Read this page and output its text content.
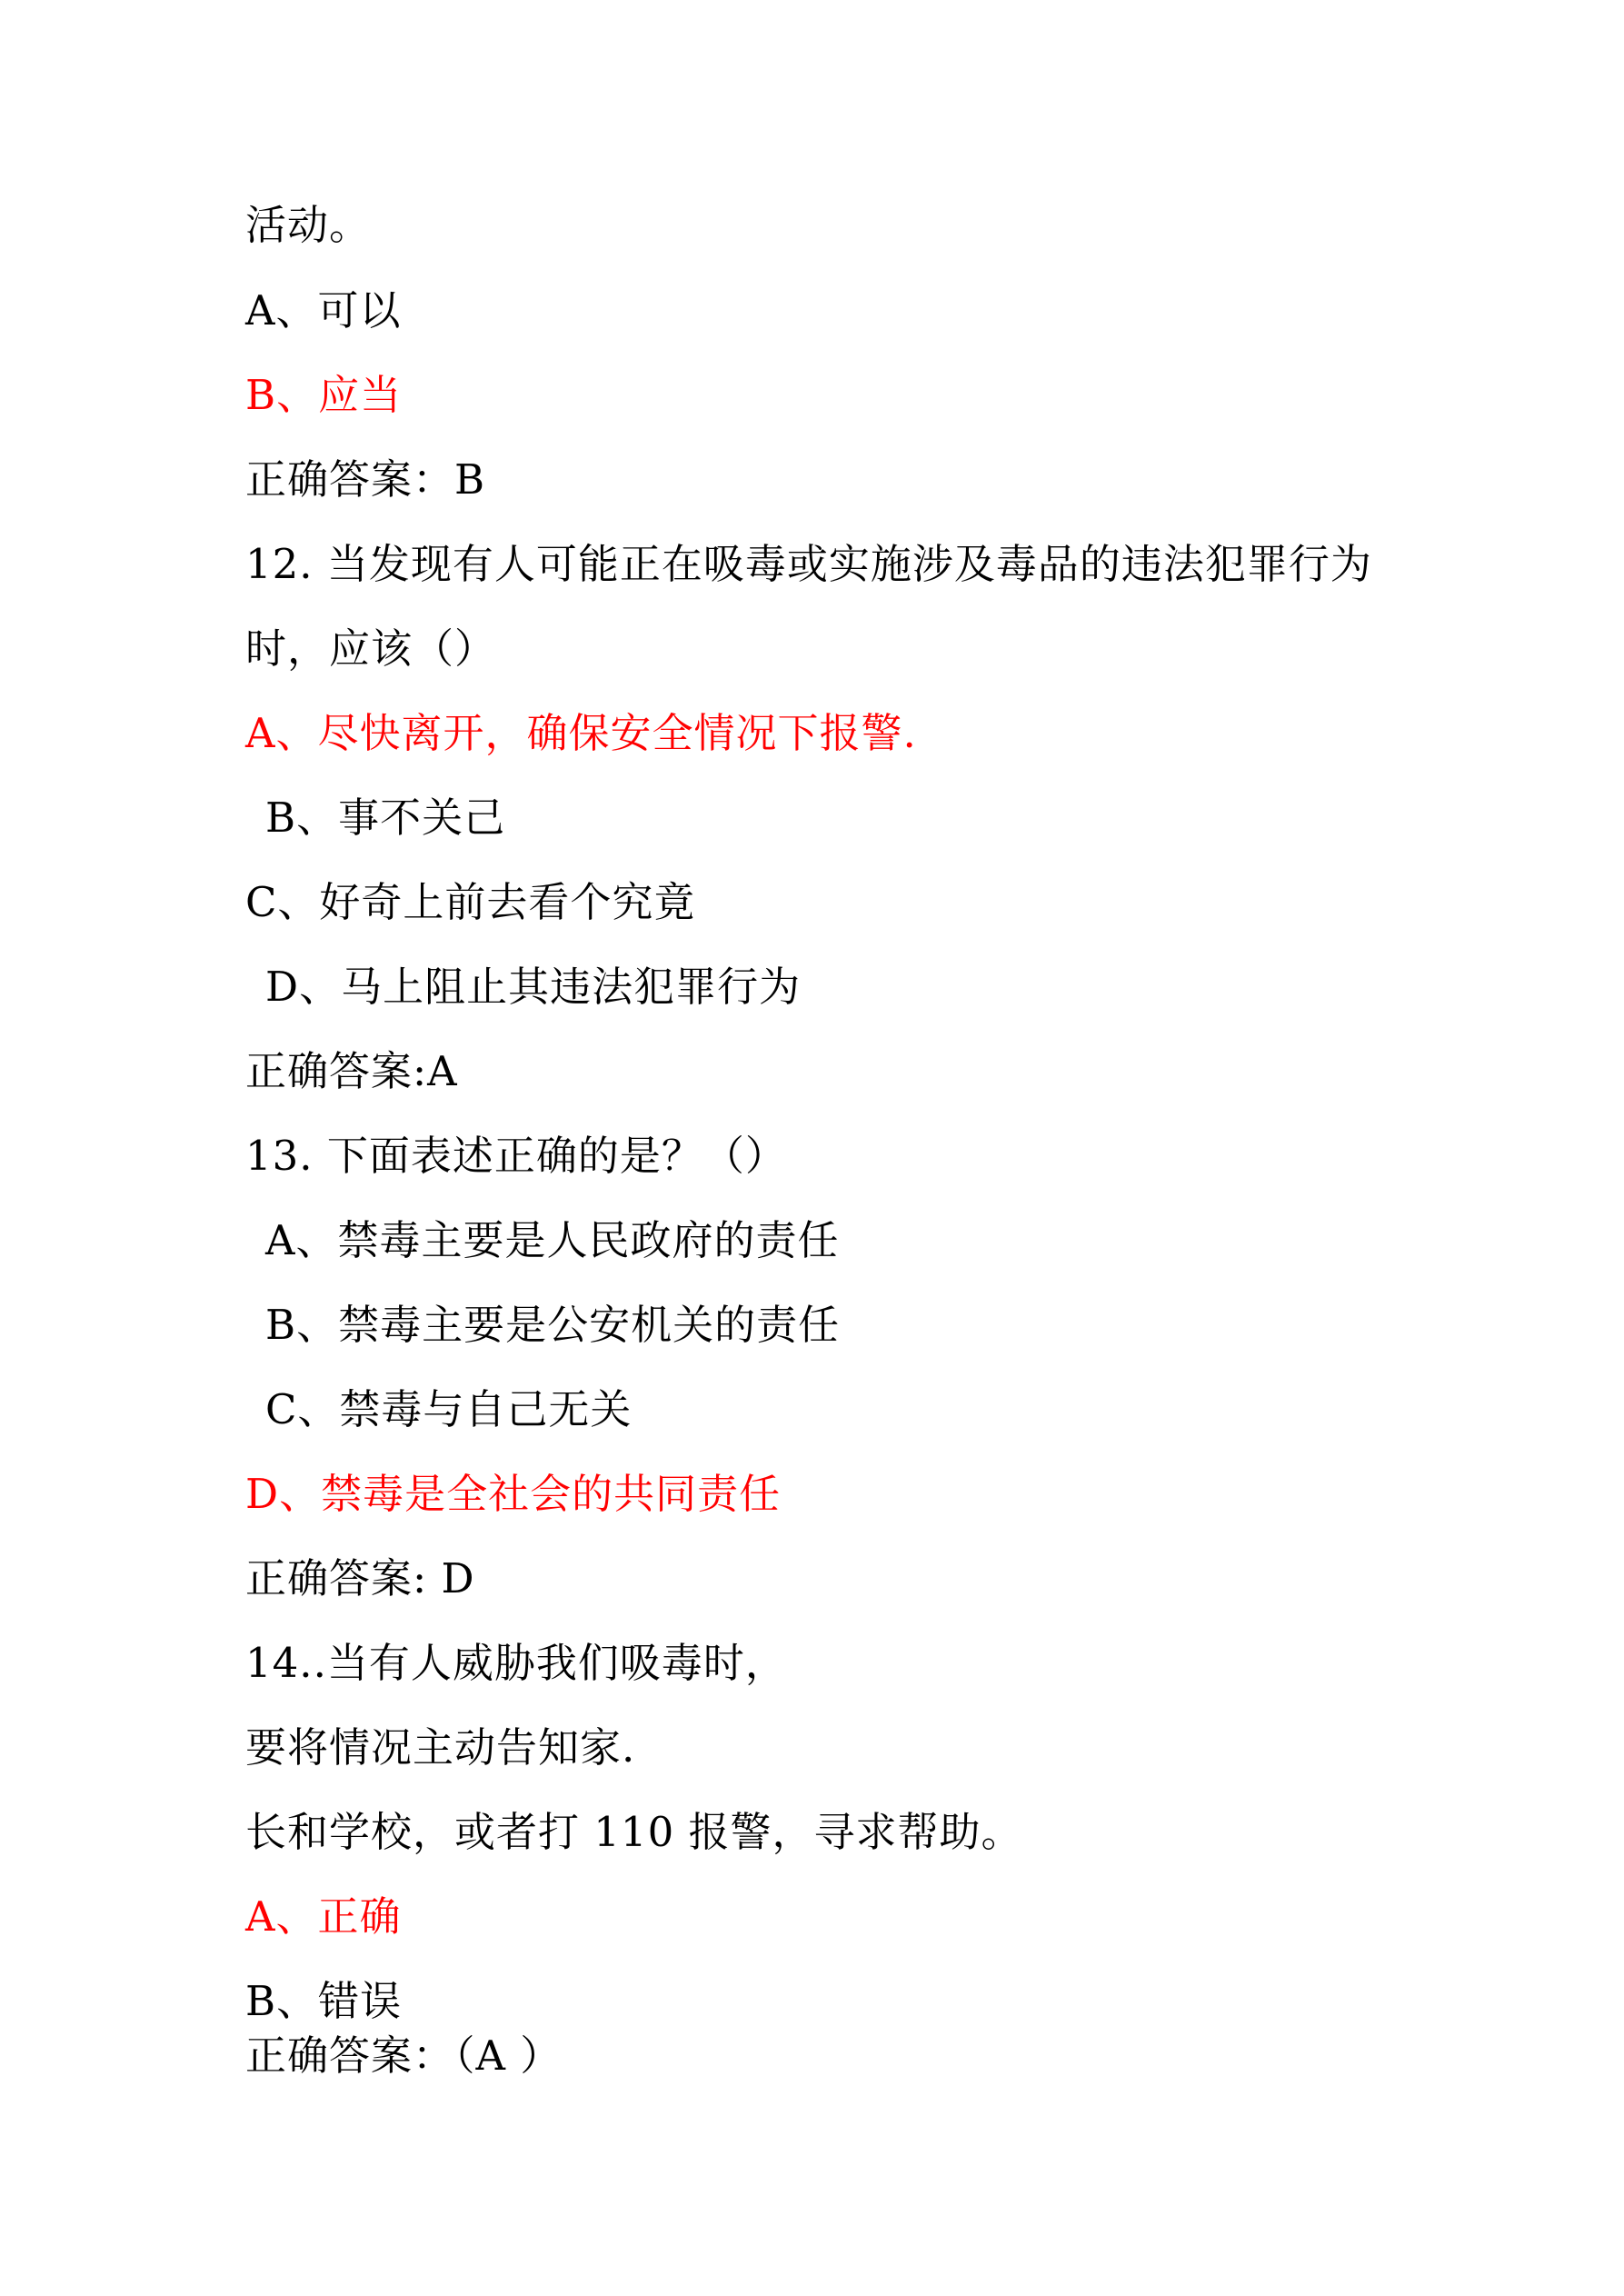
活动。
A、可以
B、应当
正确答案：B
12. 当发现有人可能正在吸毒或实施涉及毒品的违法犯罪行为
时，应该（）
A、尽快离开，确保安全情况下报警.
B、事不关己
C、好奇上前去看个究竟
D、马上阻止其违法犯罪行为
正确答案:A
13. 下面表述正确的是？（）
A、禁毒主要是人民政府的责任
B、禁毒主要是公安机关的责任
C、禁毒与自己无关
D、禁毒是全社会的共同责任
正确答案: D
14..当有人威胁我们吸毒时，
要将情况主动告知家.
长和学校，或者打 110 报警，寻求帮助。
A、正确
B、错误
正确答案：（A ）
